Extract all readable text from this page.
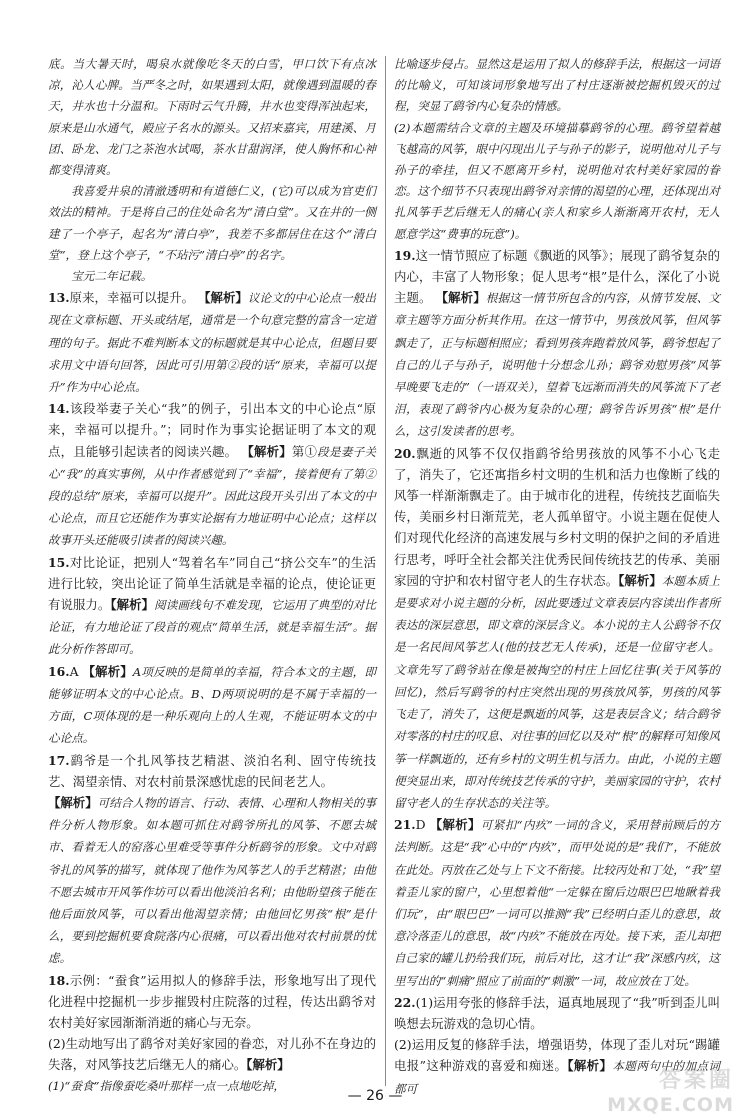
底。当大暑天时，喝泉水就像吃冬天的白雪，甲口饮下有点冰凉，沁人心脾。当严冬之时，如果遇到太阳，就像遇到温暖的春天，井水也十分温和。下雨时云气升腾，井水也变得浑浊起来，原来是山水通气，殿应子名水的源头。又招来嘉宾，用建溪、月团、卧龙、龙门之茶泡水试喝，茶水甘甜润泽，使人胸怀和心神都变得清爽。

我喜爱井泉的清澈透明和有道德仁义，(它)可以成为官吏们效法的精神。于是将自己的住处命名为“清白堂”。又在井的一侧建了一个亭子，起名为“清白亭”，我差不多都居住在这个“清白堂”，登上这个亭子，“不玷污”清白亭”的名字。

宝元二年记载。

13.原来，幸福可以提升。 【解析】议论文的中心论点一般出现在文章标题、开头或结尾，通常是一个句意完整的富含一定道理的句子。据此不难判断本文的标题就是其中心论点，但题目要求用文中语句回答，因此可引用第②段的话“原来，幸福可以提升”作为中心论点。

14.该段举妻子关心“我”的例子，引出本文的中心论点“原来，幸福可以提升。”；同时作为事实论据证明了本文的观点，且能够引起读者的阅读兴趣。 【解析】第①段是妻子关心“我”的真实事例，从中作者感觉到了“幸福”，接着便有了第②段的总结“原来，幸福可以提升”。因此这段开头引出了本文的中心论点，而且它还能作为事实论据有力地证明中心论点；这样以故事开头还能吸引读者的阅读兴趣。

15.对比论证，把别人“驾着名车”同自己“挤公交车”的生活进行比较，突出论证了简单生活就是幸福的论点，使论证更有说服力。【解析】阅读画线句不难发现，它运用了典型的对比论证，有力地论证了段首的观点“简单生活，就是幸福生活”。据此分析作答即可。

16.A 【解析】A项反映的是简单的幸福，符合本文的主题，即能够证明本文的中心论点。B、D两项说明的是不属于幸福的一方面，C项体现的是一种乐观向上的人生观，不能证明本文的中心论点。

17.鹞爷是一个扎风筝技艺精湛、淡泊名利、固守传统技艺、渴望亲情、对农村前景深感忧虑的民间老艺人。

【解析】可结合人物的语言、行动、表情、心理和人物相关的事件分析人物形象。如本题可抓住对鹞爷所扎的风筝、不愿去城市、看着无人的窑落心里难受等事件分析鹞爷的形象。文中对鹞爷扎的风筝的描写，就体现了他作为风筝艺人的手艺精湛；由他不愿去城市开风筝作坊可以看出他淡泊名利；由他盼望孩子能在他后面放风筝，可以看出他渴望亲情；由他回忆男孩“根”是什么，要到挖掘机要食院落内心很痛，可以看出他对农村前景的忧虑。

18.示例：“蚕食”运用拟人的修辞手法，形象地写出了现代化进程中挖掘机一步步摧毁村庄院落的过程，传达出鹞爷对农村美好家园渐渐消逝的痛心与无奈。

(2)生动地写出了鹞爷对美好家园的眷恋，对儿孙不在身边的失落，对风筝技艺后继无人的痛心。【解析】

(1)“蚕食”指像蚕吃桑叶那样一点一点地吃掉，

比喻逐步侵占。显然这是运用了拟人的修辞手法，根据这一词语的比喻义，可知该词形象地写出了村庄逐渐被挖掘机毁灭的过程，突显了鹞爷内心复杂的情感。

(2)本题需结合文章的主题及环境描摹鹞爷的心理。鹞爷望着越飞越高的风筝，眼中闪现出儿子与孙子的影子，说明他对儿子与孙子的牵挂，但又不愿离开乡村，说明他对农村美好家园的眷恋。这个细节不只表现出鹞爷对亲情的渴望的心理，还体现出对扎风筝手艺后继无人的痛心(亲人和家乡人渐渐离开农村，无人愿意学这“费事的玩意”)。

19.这一情节照应了标题《飘逝的风筝》；展现了鹞爷复杂的内心，丰富了人物形象；促人思考“根”是什么，深化了小说主题。 【解析】根据这一情节所包含的内容，从情节发展、文章主题等方面分析其作用。在这一情节中，男孩放风筝，但风筝飘走了，正与标题相照应；看到男孩奔跑着放风筝，鹞爷想起了自己的儿子与孙子，说明他十分想念儿孙；鹞爷劝慰男孩“风筝早晚要飞走的”（一语双关），望着飞远渐而消失的风筝流下了老泪，表现了鹞爷内心极为复杂的心理；鹞爷告诉男孩“根”是什么，这引发读者的思考。

20.飘逝的风筝不仅仅指鹞爷给男孩放的风筝不小心飞走了，消失了，它还寓指乡村文明的生机和活力也像断了线的风筝一样渐渐飘走了。由于城市化的进程，传统技艺面临失传，美丽乡村日渐荒芜，老人孤单留守。小说主题在促使人们对现代化经济的高速发展与乡村文明的保护之间的矛盾进行思考，呼吁全社会都关注优秀民间传统技艺的传承、美丽家园的守护和农村留守老人的生存状态。【解析】本题本质上是要求对小说主题的分析，因此要透过文章表层内容读出作者所表达的深层意思，即文章的深层含义。本小说的主人公鹞爷不仅是一名民间风筝艺人(他的技艺无人传承)，还是一位留守老人。文章先写了鹞爷站在像是被掏空的村庄上回忆往事(关于风筝的回忆)，然后写鹞爷的村庄突然出现的男孩放风筝，男孩的风筝飞走了，消失了，这便是飘逝的风筝，这是表层含义；结合鹞爷对零落的村庄的叹息、对往事的回忆以及对“根”的解释可知像风筝一样飘逝的，还有乡村的文明生机与活力。由此，小说的主题便突显出来，即对传统技艺传承的守护，美丽家园的守护，农村留守老人的生存状态的关注等。

21.D 【解析】可紧扣“内疚”一词的含义，采用替前顾后的方法判断。这是“我”心中的“内疚”，而甲处说的是“我们”，不能放在此处。丙放在乙处与上下文不衔接。比较丙处和丁处，“我”望着歪儿家的窗户，心里想着他“一定躲在窗后边眼巴巴地瞅着我们玩”，由“眼巴巴”一词可以推测“我”已经明白歪儿的意思，故意冷落歪儿的意思，故“内疚”不能放在丙处。接下来，歪儿却把自己家的罐儿扔给我们玩，前后对比，这才让“我”深感内疚，这里写出的“刺痛”照应了前面的“刺激”一词，故应放在丁处。

22.(1)运用夸张的修辞手法，逼真地展现了“我”听到歪儿叫唤想去玩游戏的急切心情。

(2)运用反复的修辞手法，增强语势，体现了歪儿对玩“踢罐电报”这种游戏的喜爱和痴迷。【解析】本题两句中的加点词都可

— 26 —
答案圈
MXQE.COM
